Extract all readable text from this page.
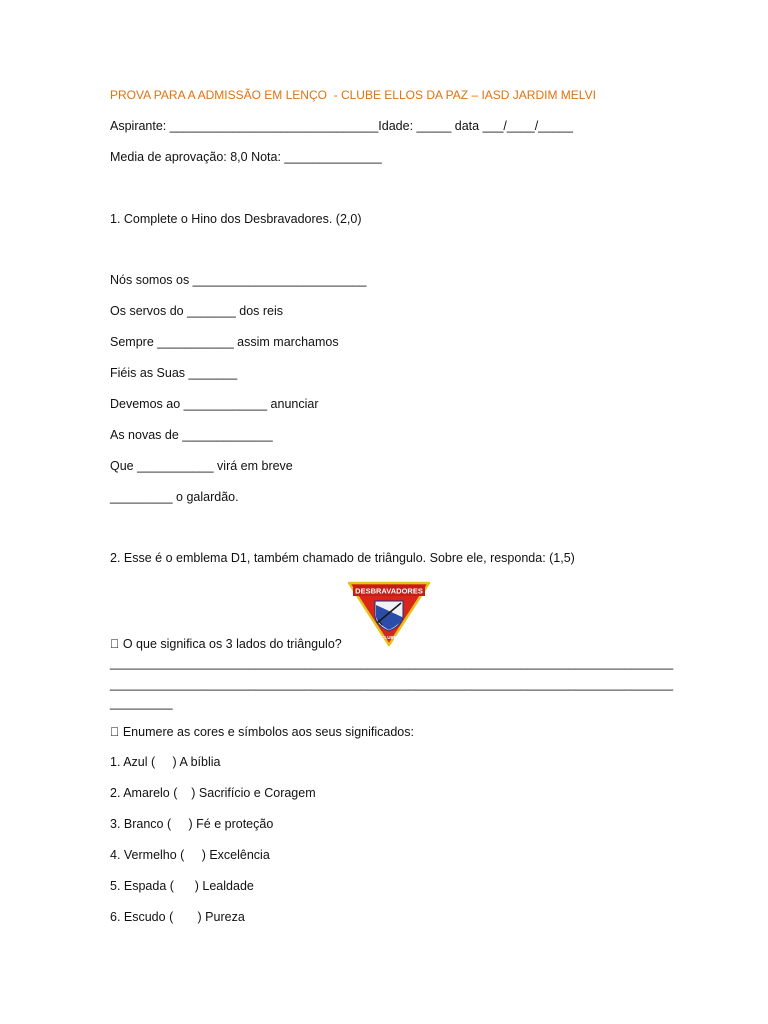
PROVA PARA A ADMISSÃO EM LENÇO  - CLUBE ELLOS DA PAZ – IASD JARDIM MELVI
Aspirante: ______________________________Idade: _____ data ___/____/_____
Media de aprovação: 8,0 Nota: ______________
1. Complete o Hino dos Desbravadores. (2,0)
Nós somos os _________________________
Os servos do _______ dos reis
Sempre ___________ assim marchamos
Fiéis as Suas _______
Devemos ao ____________ anunciar
As novas de _____________
Que ___________ virá em breve
_________ o galardão.
2. Esse é o emblema D1, também chamado de triângulo. Sobre ele, responda: (1,5)
DESBRAVADORES
CLUBE
O que significa os 3 lados do triângulo?
_________________________________________________________________________________
_________________________________________________________________________________
_________
Enumere as cores e símbolos aos seus significados:
1. Azul (     ) A bíblia
2. Amarelo (    ) Sacrifício e Coragem
3. Branco (     ) Fé e proteção
4. Vermelho (     ) Excelência
5. Espada (      ) Lealdade
6. Escudo (       ) Pureza
